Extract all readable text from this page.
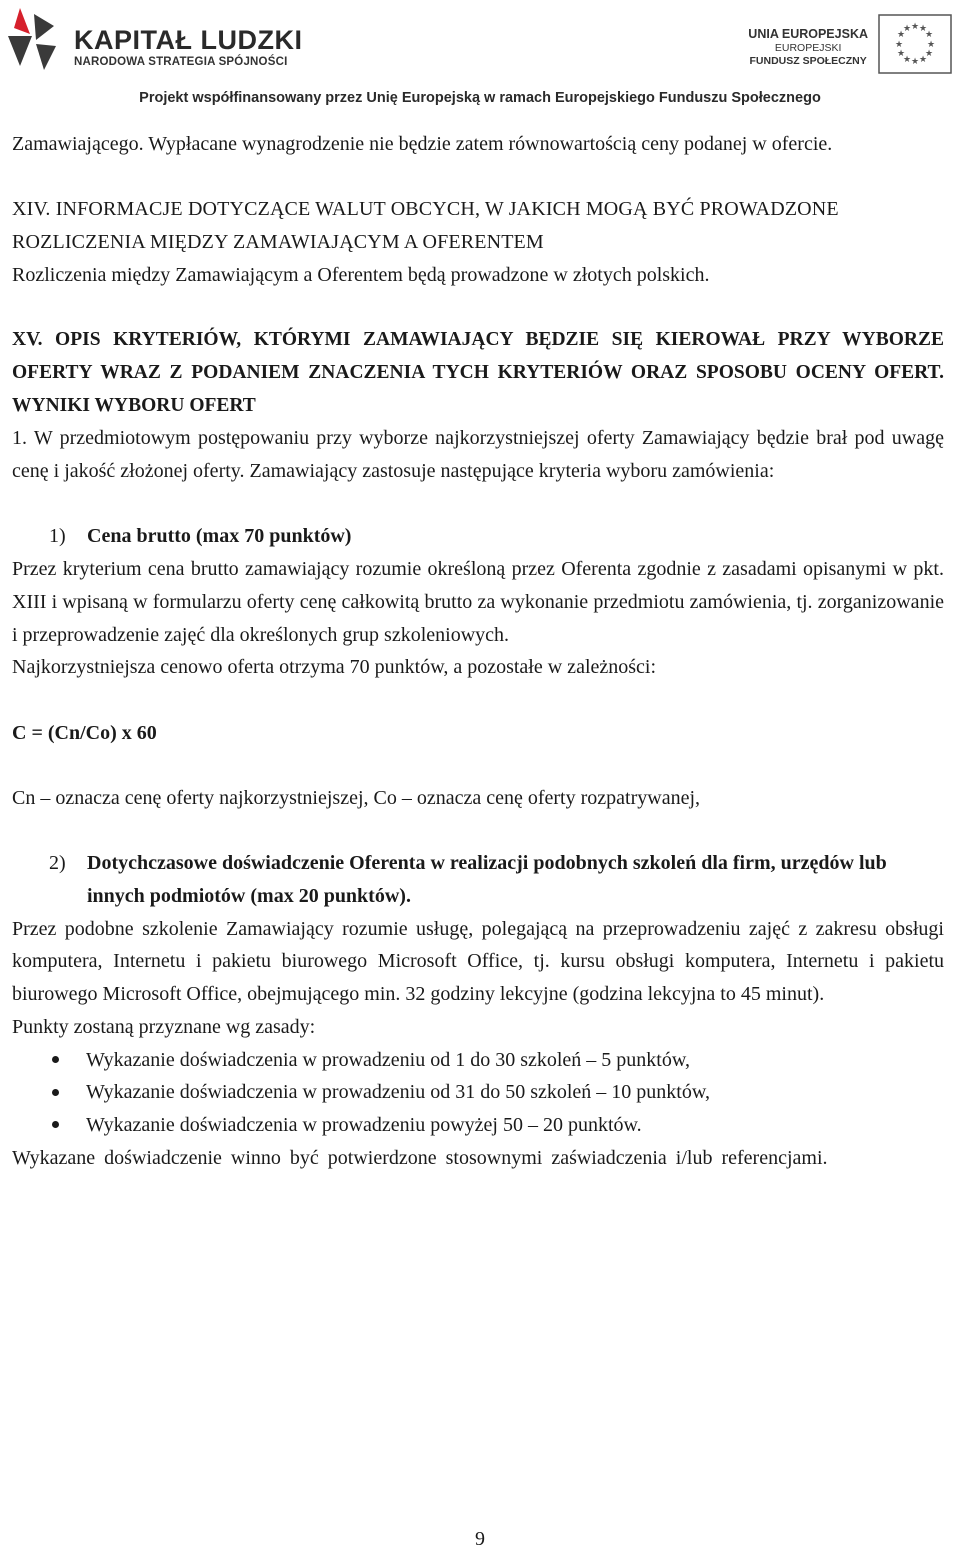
KAPITAŁ LUDZKI
NARODOWA STRATEGIA SPÓJNOŚCI
UNIA EUROPEJSKA
EUROPEJSKI
FUNDUSZ SPOŁECZNY
★ ★
★
★
★
★
★
★
★
★
★
★
Projekt współfinansowany przez Unię Europejską w ramach Europejskiego Funduszu Społecznego

Zamawiającego. Wypłacane wynagrodzenie nie będzie zatem równowartością ceny podanej w ofercie.

XIV. INFORMACJE DOTYCZĄCE WALUT OBCYCH, W JAKICH MOGĄ BYĆ PROWADZONE ROZLICZENIA MIĘDZY ZAMAWIAJĄCYM A OFERENTEM

Rozliczenia między Zamawiającym a Oferentem będą prowadzone w złotych polskich.

XV. OPIS KRYTERIÓW, KTÓRYMI ZAMAWIAJĄCY BĘDZIE SIĘ KIEROWAŁ PRZY WYBORZE OFERTY WRAZ Z PODANIEM ZNACZENIA TYCH KRYTERIÓW ORAZ SPOSOBU OCENY OFERT. WYNIKI WYBORU OFERT

1. W przedmiotowym postępowaniu przy wyborze najkorzystniejszej oferty Zamawiający będzie brał pod uwagę cenę i jakość złożonej oferty. Zamawiający zastosuje następujące kryteria wyboru zamówienia:

1)	Cena brutto (max 70 punktów)

Przez kryterium cena brutto zamawiający rozumie określoną przez Oferenta zgodnie z zasadami opisanymi w pkt. XIII i wpisaną w formularzu oferty cenę całkowitą brutto za wykonanie przedmiotu zamówienia, tj. zorganizowanie i przeprowadzenie zajęć dla określonych grup szkoleniowych.

Najkorzystniejsza cenowo oferta otrzyma 70 punktów, a pozostałe w zależności:

C = (Cn/Co) x 60

Cn – oznacza cenę oferty najkorzystniejszej, Co – oznacza cenę oferty rozpatrywanej,

2)	Dotychczasowe doświadczenie Oferenta w realizacji podobnych szkoleń dla firm, urzędów lub innych podmiotów (max 20 punktów).

Przez podobne szkolenie Zamawiający rozumie usługę, polegającą na przeprowadzeniu zajęć z zakresu obsługi komputera, Internetu i pakietu biurowego Microsoft Office, tj. kursu obsługi komputera, Internetu i pakietu biurowego Microsoft Office, obejmującego min. 32 godziny lekcyjne (godzina lekcyjna to 45 minut).

Punkty zostaną przyznane wg zasady:

Wykazanie doświadczenia w prowadzeniu od 1 do 30 szkoleń – 5 punktów,
Wykazanie doświadczenia w prowadzeniu od 31 do 50 szkoleń – 10 punktów,
Wykazanie doświadczenia w prowadzeniu powyżej 50 – 20 punktów.

Wykazane doświadczenie winno być potwierdzone stosownymi zaświadczenia i/lub referencjami.

9
